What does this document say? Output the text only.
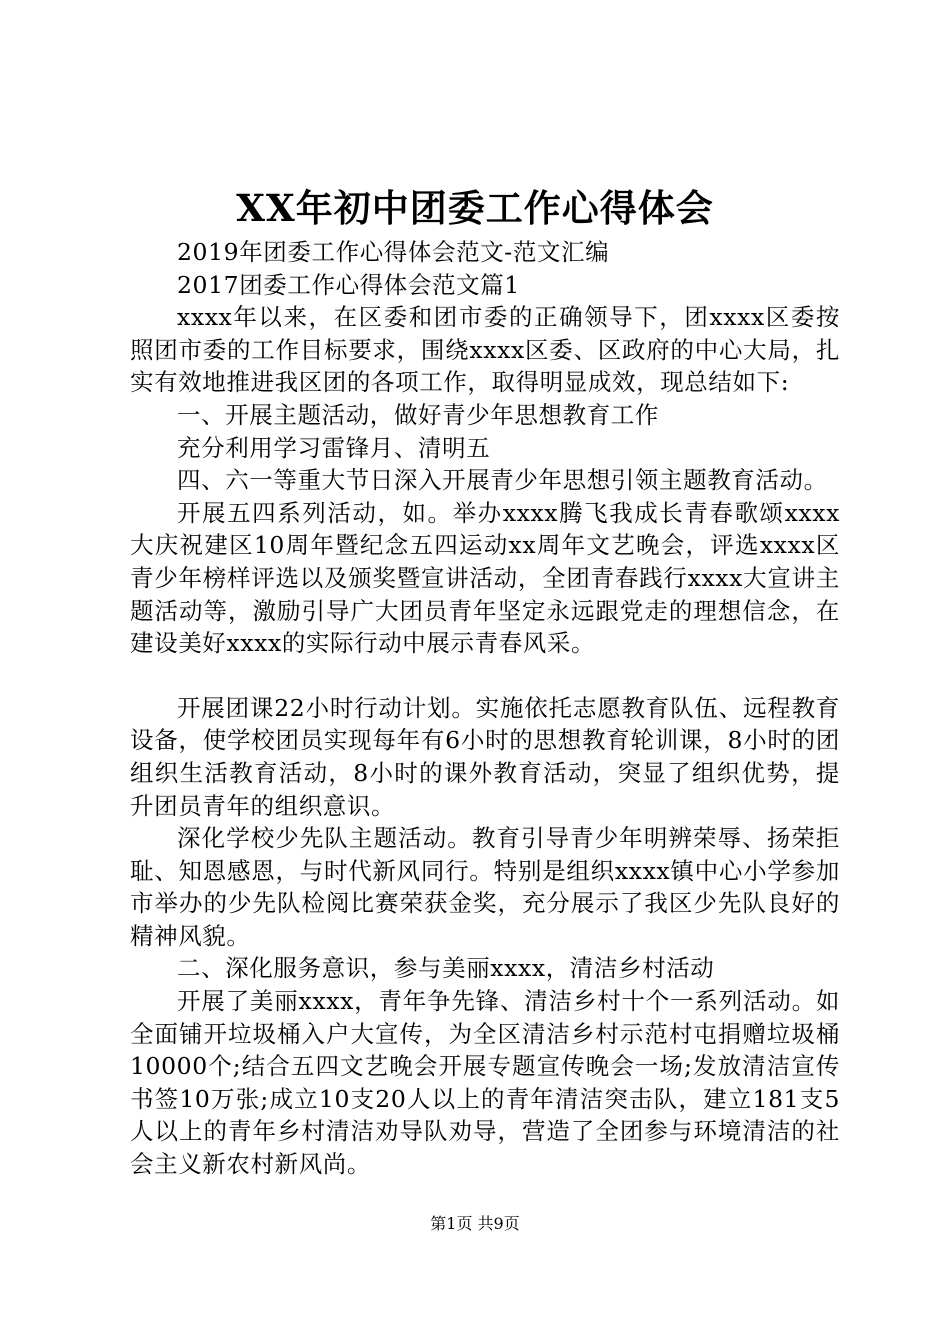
XX年初中团委工作心得体会

2019年团委工作心得体会范文-范文汇编

2017团委工作心得体会范文篇1

xxxx年以来，在区委和团市委的正确领导下，团xxxx区委按照团市委的工作目标要求，围绕xxxx区委、区政府的中心大局，扎实有效地推进我区团的各项工作，取得明显成效，现总结如下:

一、开展主题活动，做好青少年思想教育工作

充分利用学习雷锋月、清明五

四、六一等重大节日深入开展青少年思想引领主题教育活动。

开展五四系列活动，如。举办xxxx腾飞我成长青春歌颂xxxx大庆祝建区10周年暨纪念五四运动xx周年文艺晚会，评选xxxx区青少年榜样评选以及颁奖暨宣讲活动，全团青春践行xxxx大宣讲主题活动等，激励引导广大团员青年坚定永远跟党走的理想信念，在建设美好xxxx的实际行动中展示青春风采。

开展团课22小时行动计划。实施依托志愿教育队伍、远程教育设备，使学校团员实现每年有6小时的思想教育轮训课，8小时的团组织生活教育活动，8小时的课外教育活动，突显了组织优势，提升团员青年的组织意识。

深化学校少先队主题活动。教育引导青少年明辨荣辱、扬荣拒耻、知恩感恩，与时代新风同行。特别是组织xxxx镇中心小学参加市举办的少先队检阅比赛荣获金奖，充分展示了我区少先队良好的精神风貌。

二、深化服务意识，参与美丽xxxx，清洁乡村活动

开展了美丽xxxx，青年争先锋、清洁乡村十个一系列活动。如全面铺开垃圾桶入户大宣传，为全区清洁乡村示范村屯捐赠垃圾桶10000个;结合五四文艺晚会开展专题宣传晚会一场;发放清洁宣传书签10万张;成立10支20人以上的青年清洁突击队，建立181支5人以上的青年乡村清洁劝导队劝导，营造了全团参与环境清洁的社会主义新农村新风尚。

第1页 共9页
